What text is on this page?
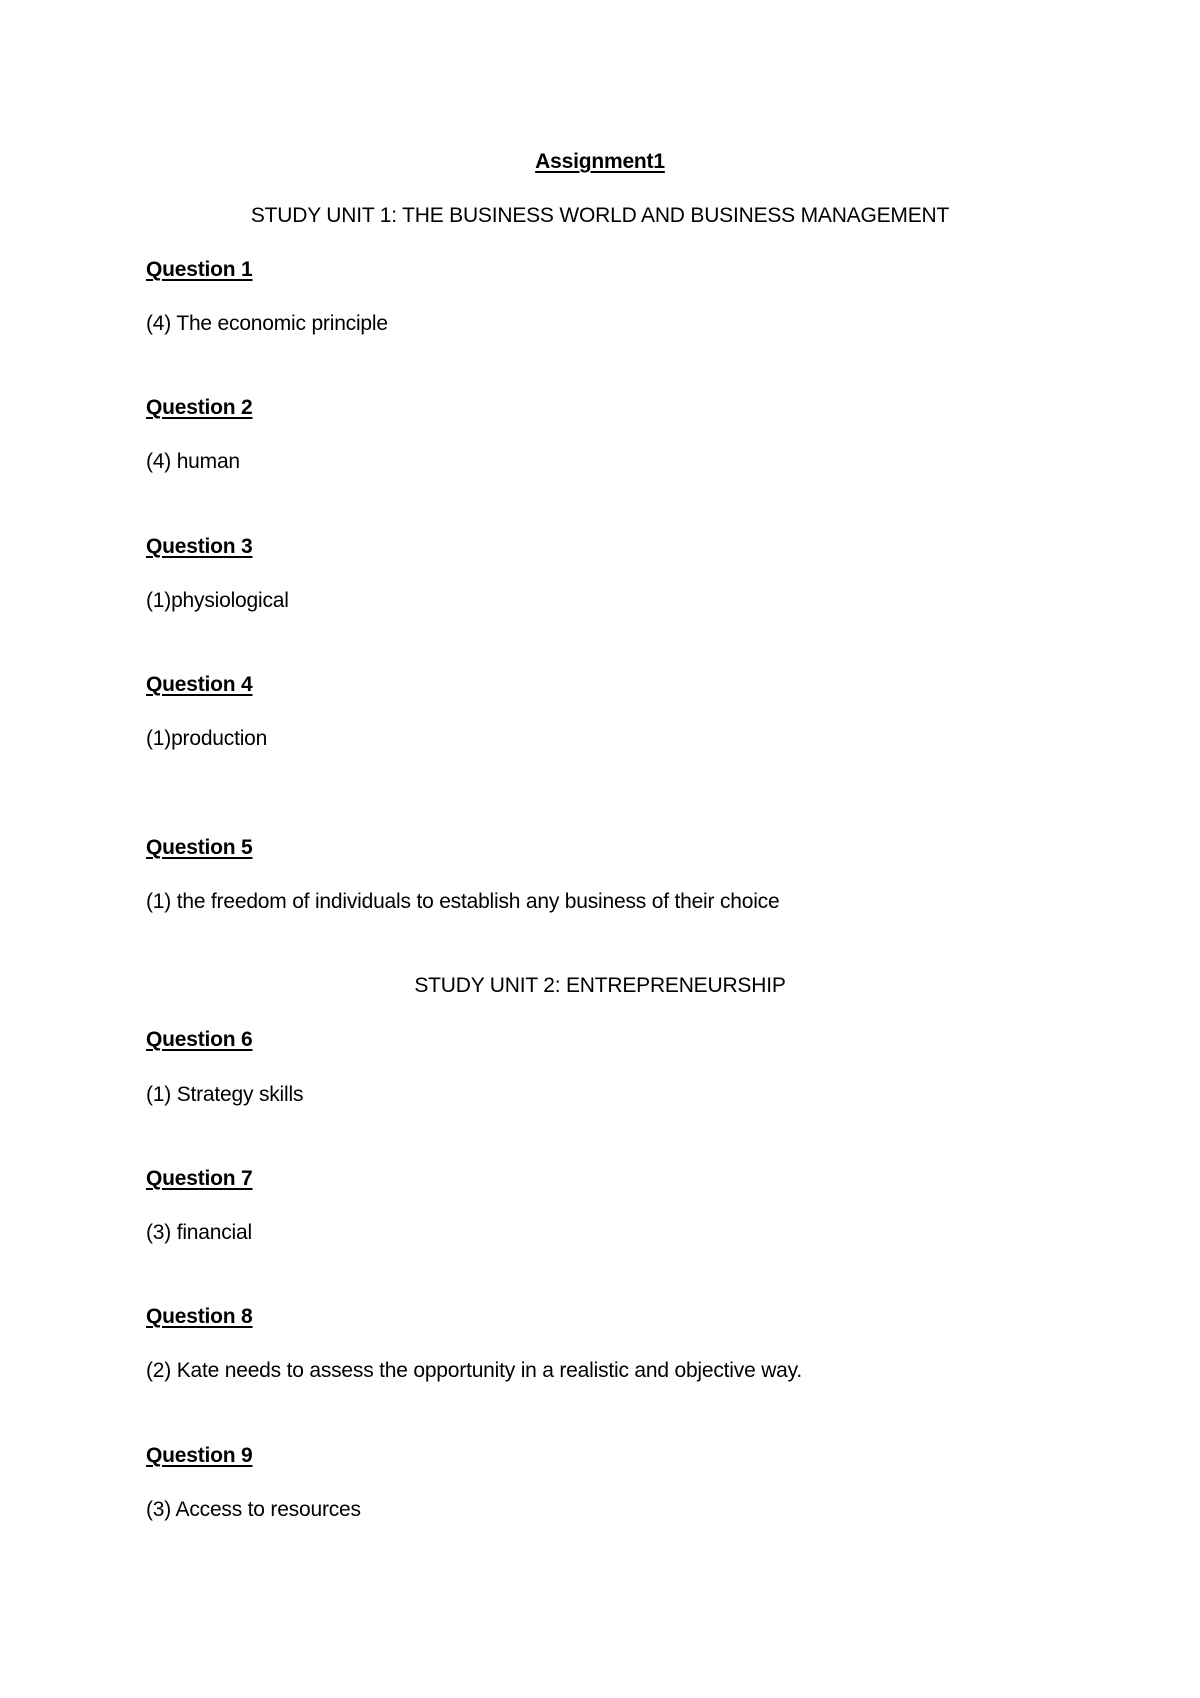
Assignment1
STUDY UNIT 1: THE BUSINESS WORLD AND BUSINESS MANAGEMENT
Question 1
(4) The economic principle
Question 2
(4) human
Question 3
(1)physiological
Question 4
(1)production
Question 5
(1) the freedom of individuals to establish any business of their choice
STUDY UNIT 2: ENTREPRENEURSHIP
Question 6
(1) Strategy skills
Question 7
(3) financial
Question 8
(2) Kate needs to assess the opportunity in a realistic and objective way.
Question 9
(3) Access to resources
